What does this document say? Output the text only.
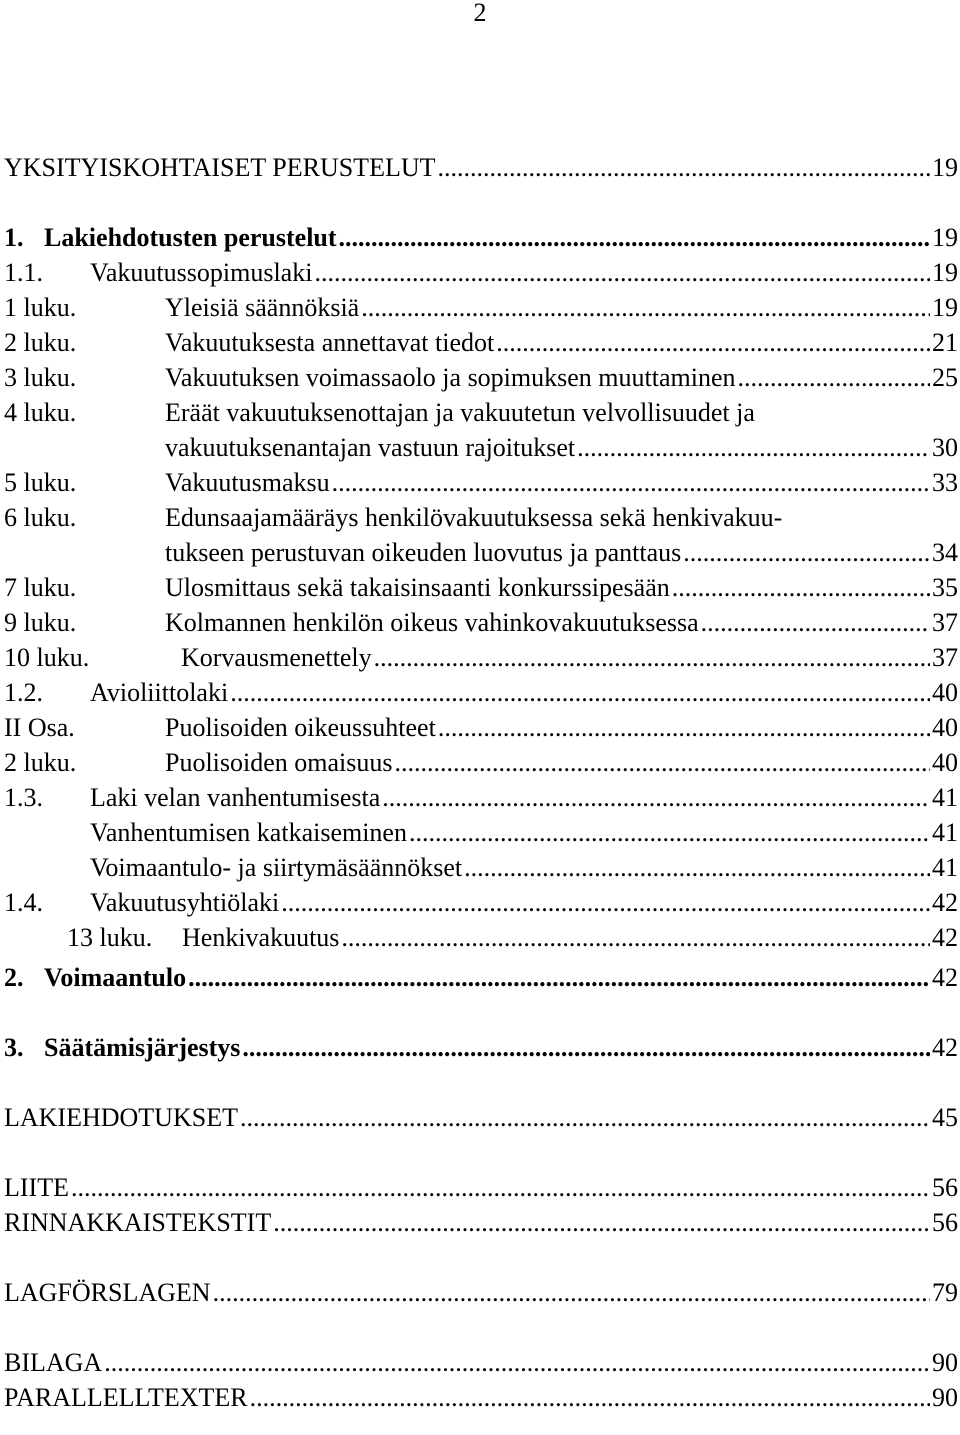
2
YKSITYISKOHTAISET PERUSTELUT .....	19
1. Lakiehdotusten perustelut .....	19
1.1. Vakuutussopimuslaki .....	19
1 luku.	Yleisiä säännöksiä .....	19
2 luku.	Vakuutuksesta annettavat tiedot .....	21
3 luku.	Vakuutuksen voimassaolo ja sopimuksen muuttaminen .....	25
4 luku.	Eräät vakuutuksenottajan ja vakuutetun velvollisuudet ja
vakuutuksenantajan vastuun rajoitukset .....	30
5 luku.	Vakuutusmaksu .....	33
6 luku.	Edunsaajamääräys henkilövakuutuksessa sekä henkivakuu-
tukseen perustuvan oikeuden luovutus ja panttaus .....	34
7 luku.	Ulosmittaus sekä takaisinsaanti konkurssipesään .....	35
9 luku.	Kolmannen henkilön oikeus vahinkovakuutuksessa .....	37
10 luku.	Korvausmenettely .....	37
1.2. Avioliittolaki .....	40
II Osa.	Puolisoiden oikeussuhteet .....	40
2 luku.	Puolisoiden omaisuus .....	40
1.3. Laki velan vanhentumisesta .....	41
Vanhentumisen katkaiseminen .....	41
Voimaantulo- ja siirtymäsäännökset .....	41
1.4. Vakuutusyhtiölaki .....	42
13 luku. Henkivakuutus .....	42
2. Voimaantulo .....	42
3. Säätämisjärjestys .....	42
LAKIEHDOTUKSET .....	45
LIITE .....	56
RINNAKKAISTEKSTIT .....	56
LAGFÖRSLAGEN .....	79
BILAGA .....	90
PARALLELLTEXTER .....	90
